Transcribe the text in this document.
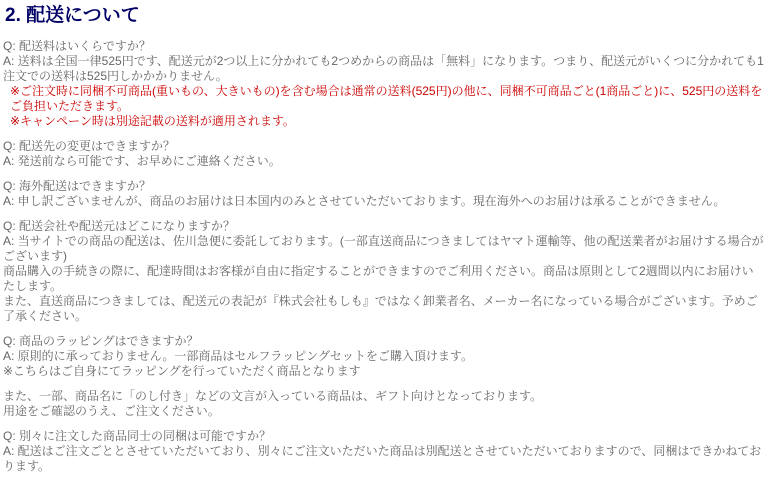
2. 配送について
Q: 配送料はいくらですか？
A: 送料は全国一律525円です、配送元が2つ以上に分かれても2つめからの商品は「無料」になります。つまり、配送元がいくつに分かれても1注文での送料は525円しかかかりません。
※ご注文時に同梱不可商品(重いもの、大きいもの)を含む場合は通常の送料(525円)の他に、同梱不可商品ごと(1商品ごと)に、525円の送料をご負担いただきます。
※キャンペーン時は別途記載の送料が適用されます。
Q: 配送先の変更はできますか？
A: 発送前なら可能です、お早めにご連絡ください。
Q: 海外配送はできますか？
A: 申し訳ございませんが、商品のお届けは日本国内のみとさせていただいております。現在海外へのお届けは承ることができません。
Q: 配送会社や配送元はどこになりますか？
A: 当サイトでの商品の配送は、佐川急便に委託しております。(一部直送商品につきましてはヤマト運輸等、他の配送業者がお届けする場合がございます)
商品購入の手続きの際に、配達時間はお客様が自由に指定することができますのでご利用ください。商品は原則として2週間以内にお届けいたします。
また、直送商品につきましては、配送元の表記が『株式会社もしも』ではなく卸業者名、メーカー名になっている場合がございます。予めご了承ください。
Q: 商品のラッピングはできますか？
A: 原則的に承っておりません。一部商品はセルフラッピングセットをご購入頂けます。
※こちらはご自身にてラッピングを行っていただく商品となります
また、一部、商品名に「のし付き」などの文言が入っている商品は、ギフト向けとなっております。
用途をご確認のうえ、ご注文ください。
Q: 別々に注文した商品同士の同梱は可能ですか？
A: 配送はご注文ごととさせていただいており、別々にご注文いただいた商品は別配送とさせていただいておりますので、同梱はできかねております。
